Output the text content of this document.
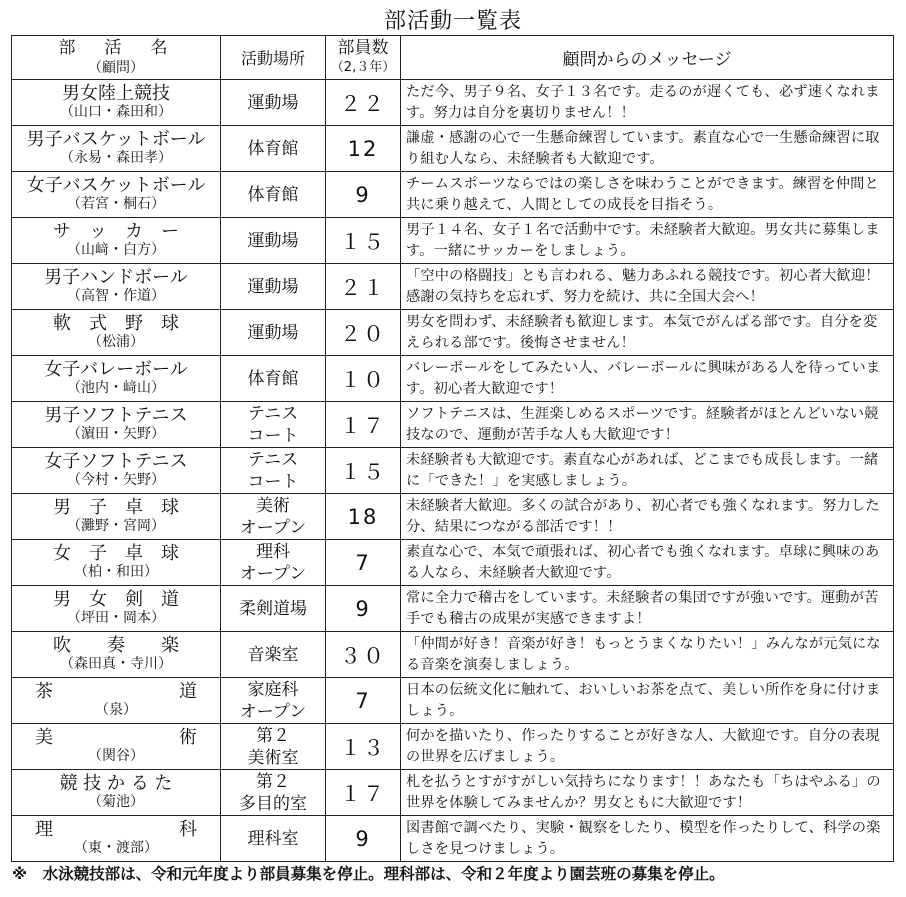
部活動一覧表
部　活　名
（顧問）	活動場所	部員数
（2,３年）	顧問からのメッセージ

男女陸上競技
（山口・森田和）	運動場	２２	ただ今、男子９名、女子１３名です。走るのが遅くても、必ず速くなれます。努力は自分を裏切りません！！

男子バスケットボール
（永易・森田孝）	体育館	12	謙虚・感謝の心で一生懸命練習しています。素直な心で一生懸命練習に取り組む人なら、未経験者も大歓迎です。

女子バスケットボール
（若宮・桐石）	体育館	9	チームスポーツならではの楽しさを味わうことができます。練習を仲間と共に乗り越えて、人間としての成長を目指そう。

サ　ッ　カ　ー
（山﨑・白方）	運動場	１５	男子１４名、女子１名で活動中です。未経験者大歓迎。男女共に募集します。一緒にサッカーをしましょう。

男子ハンドボール
（高智・作道）	運動場	２１	「空中の格闘技」とも言われる、魅力あふれる競技です。初心者大歓迎！感謝の気持ちを忘れず、努力を続け、共に全国大会へ！

軟　式　野　球
（松浦）	運動場	２０	男女を問わず、未経験者も歓迎します。本気でがんばる部です。自分を変えられる部です。後悔させません！

女子バレーボール
（池内・﨑山）	体育館	１０	バレーボールをしてみたい人、バレーボールに興味がある人を待っています。初心者大歓迎です！

男子ソフトテニス
（濵田・矢野）	テニス
コート	１７	ソフトテニスは、生涯楽しめるスポーツです。経験者がほとんどいない競技なので、運動が苦手な人も大歓迎です！

女子ソフトテニス
（今村・矢野）	テニス
コート	１５	未経験者も大歓迎です。素直な心があれば、どこまでも成長します。一緒に「できた！」を実感しましょう。

男　子　卓　球
（灘野・宮岡）	美術
オープン	18	未経験者大歓迎。多くの試合があり、初心者でも強くなれます。努力した分、結果につながる部活です！！

女　子　卓　球
（柏・和田）	理科
オープン	7	素直な心で、本気で頑張れば、初心者でも強くなれます。卓球に興味のある人なら、未経験者大歓迎です。

男　女　剣　道
（坪田・岡本）	柔剣道場	9	常に全力で稽古をしています。未経験者の集団ですが強いです。運動が苦手でも稽古の成果が実感できますよ！

吹　　奏　　楽
（森田真・寺川）	音楽室	３０	「仲間が好き！音楽が好き！もっとうまくなりたい！」みんなが元気になる音楽を演奏しましょう。

茶　　　　　　　道
（泉）	家庭科
オープン	7	日本の伝統文化に触れて、おいしいお茶を点て、美しい所作を身に付けましょう。

美　　　　　　　術
（関谷）	第２
美術室	１３	何かを描いたり、作ったりすることが好きな人、大歓迎です。自分の表現の世界を広げましょう。

競 技 か る た
（菊池）	第２
多目的室	１７	札を払うとすがすがしい気持ちになります！！あなたも「ちはやふる」の世界を体験してみませんか？男女ともに大歓迎です！

理　　　　　　　科
（東・渡部）	理科室	9	図書館で調べたり、実験・観察をしたり、模型を作ったりして、科学の楽しさを見つけましょう。
※　水泳競技部は、令和元年度より部員募集を停止。理科部は、令和２年度より園芸班の募集を停止。
